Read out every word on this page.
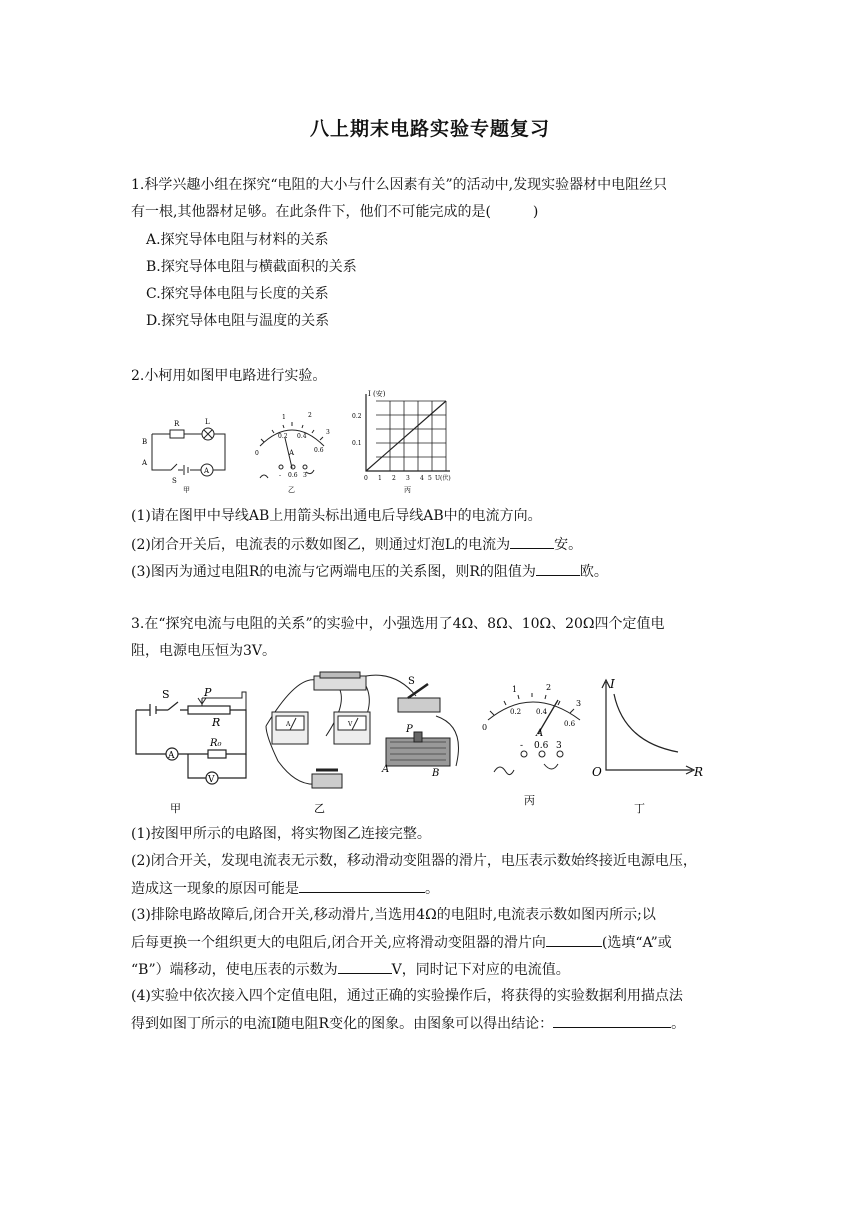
八上期末电路实验专题复习
1.科学兴趣小组在探究“电阻的大小与什么因素有关”的活动中,发现实验器材中电阻丝只
有一根,其他器材足够。在此条件下，他们不可能完成的是(　　　)
A.探究导体电阻与材料的关系
B.探究导体电阻与横截面积的关系
C.探究导体电阻与长度的关系
D.探究导体电阻与温度的关系
2.小柯用如图甲电路进行实验。
R	L
B
A
S
A
甲
0
1	2
3
0.2 0.4
0.6
- 0.6 3
A
乙
I (安)
U(伏)
0.2
0.1
0 1 2 3 4 5
丙
(1)请在图甲中导线AB上用箭头标出通电后导线AB中的电流方向。
(2)闭合开关后，电流表的示数如图乙，则通过灯泡L的电流为	安。
(3)图丙为通过电阻R的电流与它两端电压的关系图，则R的阻值为	欧。
3.在“探究电流与电阻的关系”的实验中，小强选用了4Ω、8Ω、10Ω、20Ω四个定值电
阻，电源电压恒为3V。
S	P
R
R₀
A
V
甲
A	V
S
P
A	B
乙
0
1	2
3
0.2 0.4
0.6
A
- 0.6 3
丙
I
R
O
丁
(1)按图甲所示的电路图，将实物图乙连接完整。
(2)闭合开关，发现电流表无示数，移动滑动变阻器的滑片，电压表示数始终接近电源电压，
造成这一现象的原因可能是	。
(3)排除电路故障后,闭合开关,移动滑片,当选用4Ω的电阻时,电流表示数如图丙所示;以
后每更换一个组织更大的电阻后,闭合开关,应将滑动变阻器的滑片向	(选填“A”或
“B”）端移动，使电压表的示数为	V，同时记下对应的电流值。
(4)实验中依次接入四个定值电阻，通过正确的实验操作后，将获得的实验数据利用描点法
得到如图丁所示的电流I随电阻R变化的图象。由图象可以得出结论：	。
